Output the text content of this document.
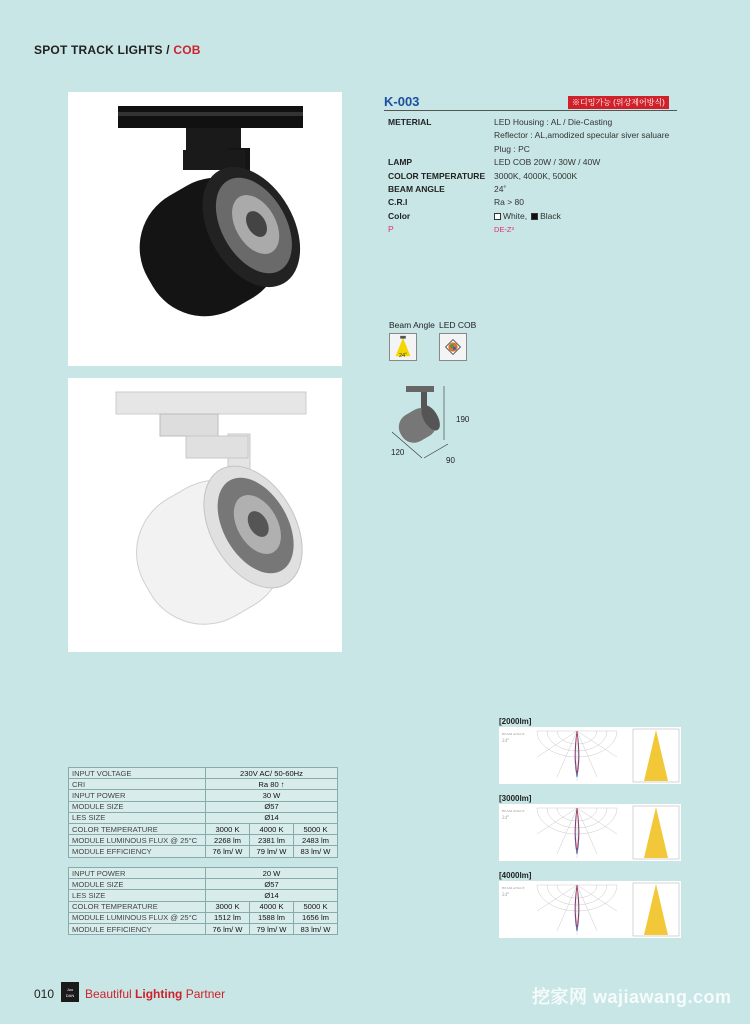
SPOT TRACK LIGHTS / COB
K-003	※디밍가능 (위상제어방식)
METERIAL	LED Housing : AL / Die-Casting
Reflector : AL,amodized specular siver saluare
Plug : PC
LAMP	LED COB 20W / 30W / 40W
COLOR TEMPERATURE	3000K, 4000K, 5000K
BEAM ANGLE	24˚
C.R.I	Ra > 80
Color	White, Black
P	DE-Z³
Beam Angle LED COB
24˚
190
120
90
INPUT VOLTAGE	230V AC/ 50-60Hz		
CRI	Ra 80 ↑		
INPUT POWER	30 W		
MODULE SIZE	Ø57		
LES SIZE	Ø14		
COLOR TEMPERATURE	3000 K	4000 K	5000 K
MODULE LUMINOUS FLUX @ 25°C	2268 lm	2381 lm	2483 lm
MODULE EFFICIENCY	76 lm/ W	79 lm/ W	83 lm/ W
INPUT POWER	20 W		
MODULE SIZE	Ø57		
LES SIZE	Ø14		
COLOR TEMPERATURE	3000 K	4000 K	5000 K
MODULE LUMINOUS FLUX @ 25°C	1512 lm	1588 lm	1656 lm
MODULE EFFICIENCY	76 lm/ W	79 lm/ W	83 lm/ W
[2000lm]
BEAM ANGLE
24°
[3000lm]
BEAM ANGLE
24°
[4000lm]
BEAM ANGLE
24°
010	Joo
DAN Beautiful Lighting Partner	挖家网 wajiawang.com
